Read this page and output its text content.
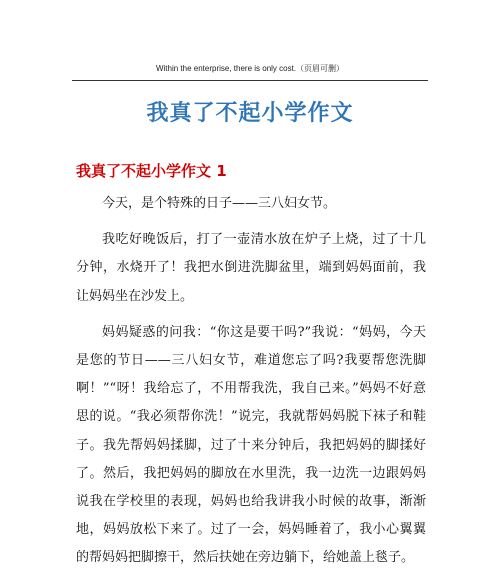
Within the enterprise, there is only cost.（页眉可删）
我真了不起小学作文
我真了不起小学作文 1

今天，是个特殊的日子——三八妇女节。

我吃好晚饭后，打了一壶清水放在炉子上烧，过了十几分钟，水烧开了！我把水倒进洗脚盆里，端到妈妈面前，我让妈妈坐在沙发上。

妈妈疑惑的问我：“你这是要干吗?”我说：“妈妈，今天是您的节日——三八妇女节，难道您忘了吗?我要帮您洗脚啊！”“呀！我给忘了，不用帮我洗，我自己来。”妈妈不好意思的说。“我必须帮你洗！”说完，我就帮妈妈脱下袜子和鞋子。我先帮妈妈揉脚，过了十来分钟后，我把妈妈的脚揉好了。然后，我把妈妈的脚放在水里洗，我一边洗一边跟妈妈说我在学校里的表现，妈妈也给我讲我小时候的故事，渐渐地，妈妈放松下来了。过了一会，妈妈睡着了，我小心翼翼的帮妈妈把脚擦干，然后扶她在旁边躺下，给她盖上毯子。
